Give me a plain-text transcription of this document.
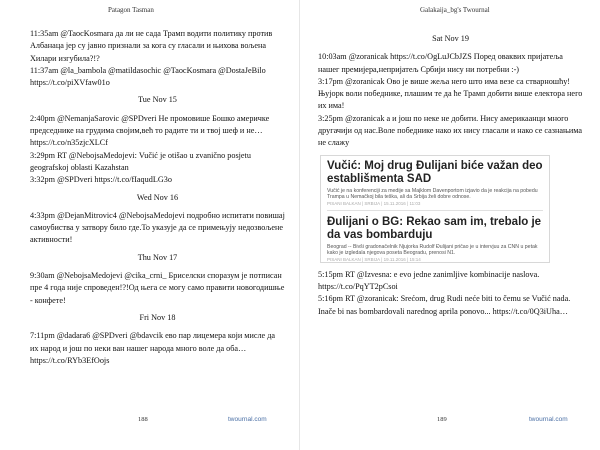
Patagon Tasman

11:35am @TaocKosmara да ли не сада Трамп водити политику против Албанаца јер су јавно признали за кога су гласали и њихова вољена Хилари изгубила?!?

11:37am @la_bambola @matildasochic @TaocKosmara @DostaJeBilo https://t.co/piXVfaw01o

Tue Nov 15

2:40pm @NemanjaSarovic @SPDveri Не промовише Бошко америчке председнике на грудима својим,већ то радите ти и твој шеф и не… https://t.co/n35zjcXLCf

3:29pm RT @NebojsaMedojevi: Vučić je otišao u zvanično posjetu geografskoj oblasti Kazahstan

3:32pm @SPDveri https://t.co/fIaqudLG3o

Wed Nov 16

4:33pm @DejanMitrovic4 @NebojsaMedojevi подробно испитати повишај самоубиства у затвору било где.То указује да се примењују недозвољене активности!

Thu Nov 17

9:30am @NebojsaMedojevi @cika_crni_ Бриселски споразум је потписан пре 4 года није спроведен!?!Од њега се могу само правити новогодишње - конфете!

Fri Nov 18

7:11pm @dadara6 @SPDveri @bdavcik ево пар лицемера који мисле да их народ и још по неки ван нашег народа много воле да оба… https://t.co/RYb3EfOojs

188	twournal.com
Galakaija_bg's Twournal

Sat Nov 19

10:03am @zoranicak https://t.co/OgLuJCbJZS Поред оваквих пријатеља нашег премијера,непријатељ Србији нису ни потребни :-)

3:17pm @zoranicak Ово је више жеља него што има везе са стварношћу!Њујорк воли победнике, плашим те да ће Трамп добити више електора него их има!

3:25pm @zoranicak а и још по неке не добити. Нису америкаанци много другачији од нас.Воле победнике нако их нису гласали и нако се сазнањима не слажу

Vučić: Moj drug Đulijani biće važan deo establišmenta SAD

Vučić je na konferenciji za medije sa Majklom Davenportom izjavio da je reakcija na pobedu Trampa u Nemačkoj bila teška, ali da Srbija želi dobre odnose.

PISANI BALKAN | SRBIJA | 15.11.2016 | 11:03

Đulijani o BG: Rekao sam im, trebalo je da vas bombarduju

Beograd -- Bivši gradonačelnik Njujorka Rudolf Đulijani pričao je u intervjuu za CNN u petak kako je izgledala njegova poseta Beogradu, prenosi N1.

PISANI BALKAN | SRBIJA | 19.11.2016 | 15:14

5:15pm RT @Izvesna: e evo jedne zanimljive kombinacije naslova. https://t.co/PqYT2pCsoi

5:16pm RT @zoranicak: Srećom, drug Rudi neće biti to čemu se Vučić nada. Inače bi nas bombardovali narednog aprila ponovo... https://t.co/0Q3iUha…

189	twournal.com
